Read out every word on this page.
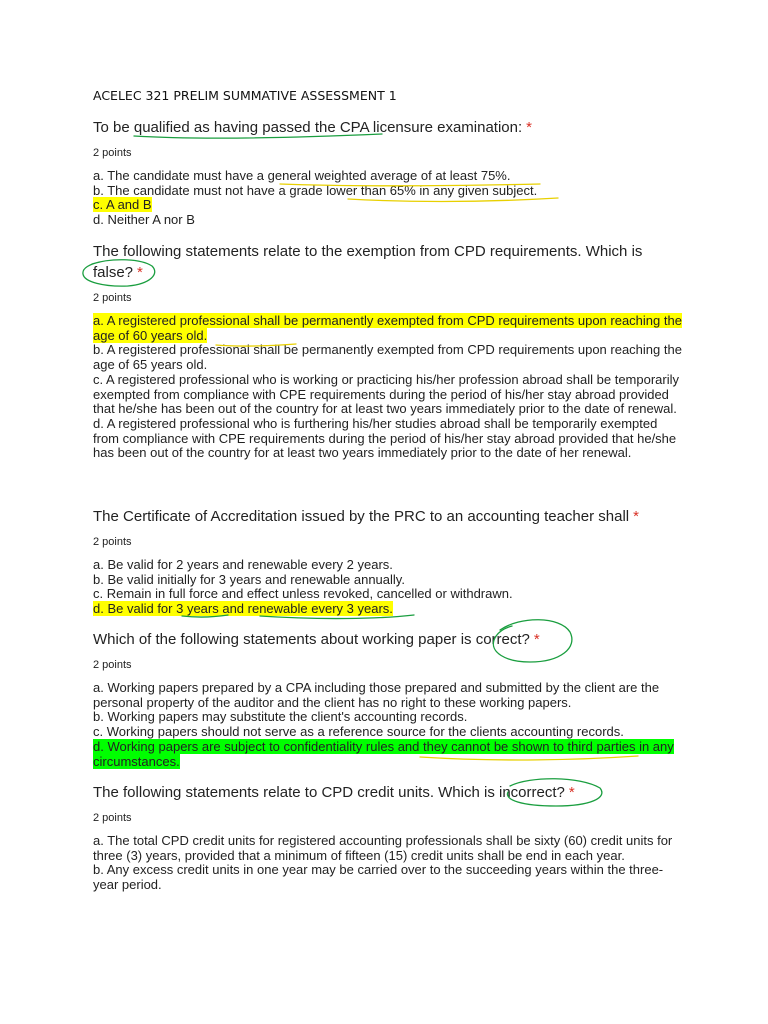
ACELEC 321 PRELIM SUMMATIVE ASSESSMENT 1

To be qualified as having passed the CPA licensure examination: *

2 points
a. The candidate must have a general weighted average of at least 75%.
b. The candidate must not have a grade lower than 65% in any given subject.
c. A and B
d. Neither A nor B

The following statements relate to the exemption from CPD requirements. Which is false? *

2 points
a. A registered professional shall be permanently exempted from CPD requirements upon reaching the age of 60 years old.
b. A registered professional shall be permanently exempted from CPD requirements upon reaching the age of 65 years old.
c. A registered professional who is working or practicing his/her profession abroad shall be temporarily exempted from compliance with CPE requirements during the period of his/her stay abroad provided that he/she has been out of the country for at least two years immediately prior to the date of renewal.
d. A registered professional who is furthering his/her studies abroad shall be temporarily exempted from compliance with CPE requirements during the period of his/her stay abroad provided that he/she has been out of the country for at least two years immediately prior to the date of her renewal.

The Certificate of Accreditation issued by the PRC to an accounting teacher shall *

2 points
a. Be valid for 2 years and renewable every 2 years.
b. Be valid initially for 3 years and renewable annually.
c. Remain in full force and effect unless revoked, cancelled or withdrawn.
d. Be valid for 3 years and renewable every 3 years.

Which of the following statements about working paper is correct? *

2 points
a. Working papers prepared by a CPA including those prepared and submitted by the client are the personal property of the auditor and the client has no right to these working papers.
b. Working papers may substitute the client's accounting records.
c. Working papers should not serve as a reference source for the clients accounting records.
d. Working papers are subject to confidentiality rules and they cannot be shown to third parties in any circumstances.

The following statements relate to CPD credit units. Which is incorrect? *

2 points
a. The total CPD credit units for registered accounting professionals shall be sixty (60) credit units for three (3) years, provided that a minimum of fifteen (15) credit units shall be end in each year.
b. Any excess credit units in one year may be carried over to the succeeding years within the three-year period.
